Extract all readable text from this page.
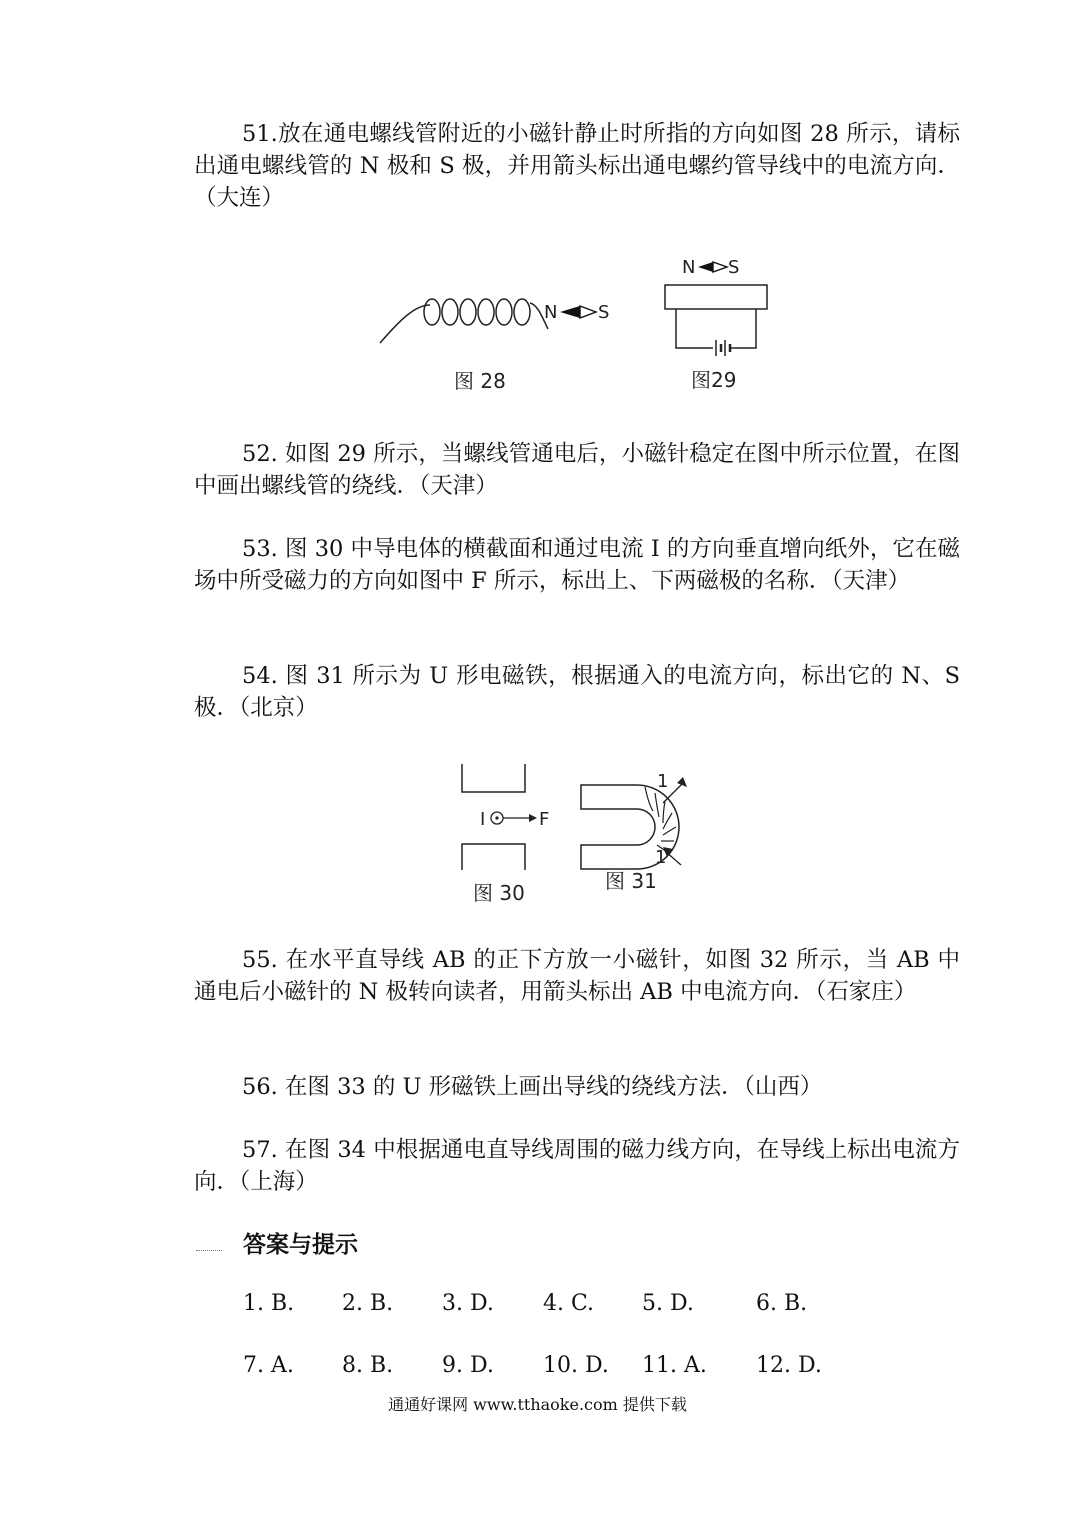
51.放在通电螺线管附近的小磁针静止时所指的方向如图 28 所示，请标出通电螺线管的 N 极和 S 极，并用箭头标出通电螺约管导线中的电流方向．（大连）

N S
图 28
N S
图29

52. 如图 29 所示，当螺线管通电后，小磁针稳定在图中所示位置，在图中画出螺线管的绕线．（天津）

53. 图 30 中导电体的横截面和通过电流 I 的方向垂直增向纸外，它在磁场中所受磁力的方向如图中 F 所示，标出上、下两磁极的名称．（天津）

54. 图 31 所示为 U 形电磁铁，根据通入的电流方向，标出它的 N、S 极．（北京）

I	F
图 30
1
1
图 31

55. 在水平直导线 AB 的正下方放一小磁针，如图 32 所示，当 AB 中通电后小磁针的 N 极转向读者，用箭头标出 AB 中电流方向．（石家庄）

56. 在图 33 的 U 形磁铁上画出导线的绕线方法．（山西）

57. 在图 34 中根据通电直导线周围的磁力线方向，在导线上标出电流方向．（上海）

答案与提示

1. B. 2. B. 3. D. 4. C. 5. D.	6. B.
7. A. 8. B. 9. D. 10. D. 11. A. 12. D.
通通好课网 www.tthaoke.com 提供下载
